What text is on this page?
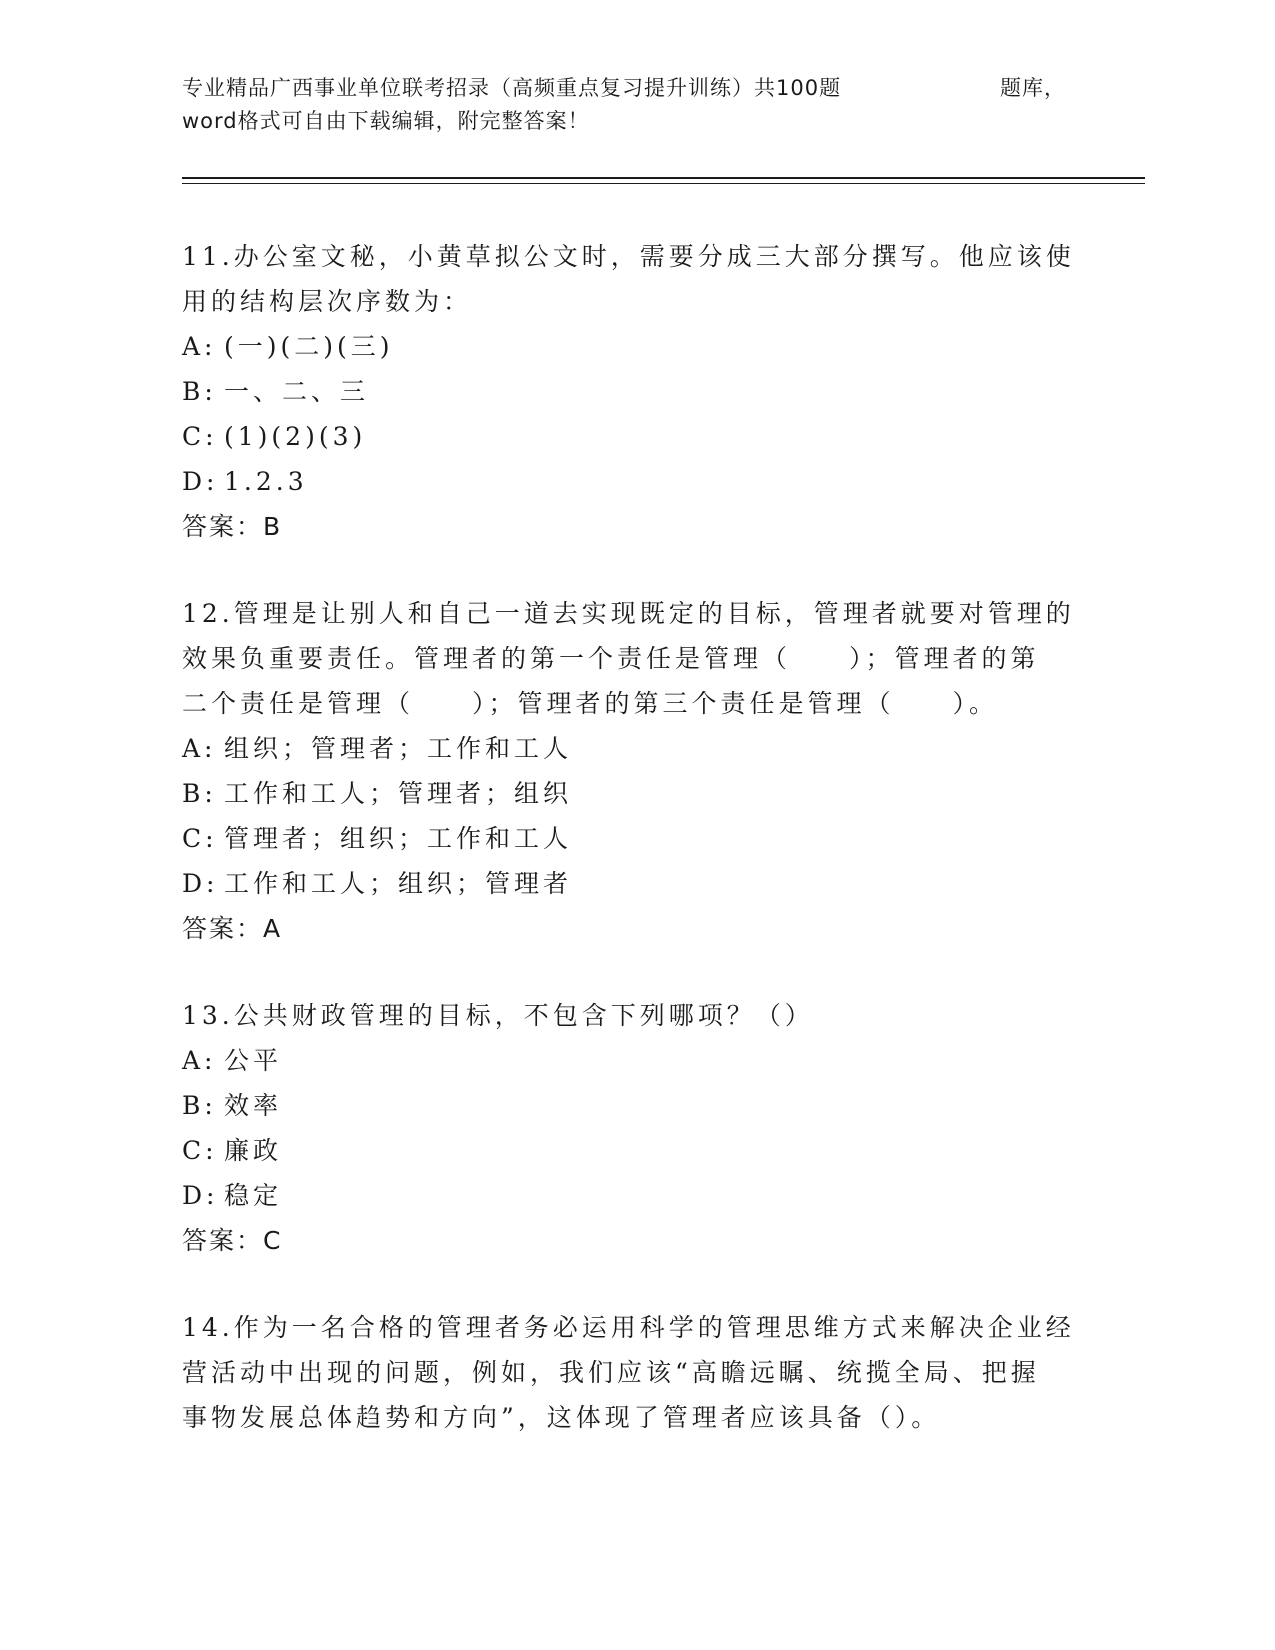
专业精品广西事业单位联考招录（高频重点复习提升训练）共100题	题库，
word格式可自由下载编辑，附完整答案！
11.办公室文秘，小黄草拟公文时，需要分成三大部分撰写。他应该使
用的结构层次序数为：
A: (一)(二)(三)
B: 一、二、三
C: (1)(2)(3)
D: 1.2.3
答案：B
12.管理是让别人和自己一道去实现既定的目标，管理者就要对管理的
效果负重要责任。管理者的第一个责任是管理（　　）；管理者的第
二个责任是管理（　　）；管理者的第三个责任是管理（　　）。
A: 组织；管理者；工作和工人
B: 工作和工人；管理者；组织
C: 管理者；组织；工作和工人
D: 工作和工人；组织；管理者
答案：A
13.公共财政管理的目标，不包含下列哪项？（）
A: 公平
B: 效率
C: 廉政
D: 稳定
答案：C
14.作为一名合格的管理者务必运用科学的管理思维方式来解决企业经
营活动中出现的问题，例如，我们应该“高瞻远瞩、统揽全局、把握
事物发展总体趋势和方向”，这体现了管理者应该具备（）。
